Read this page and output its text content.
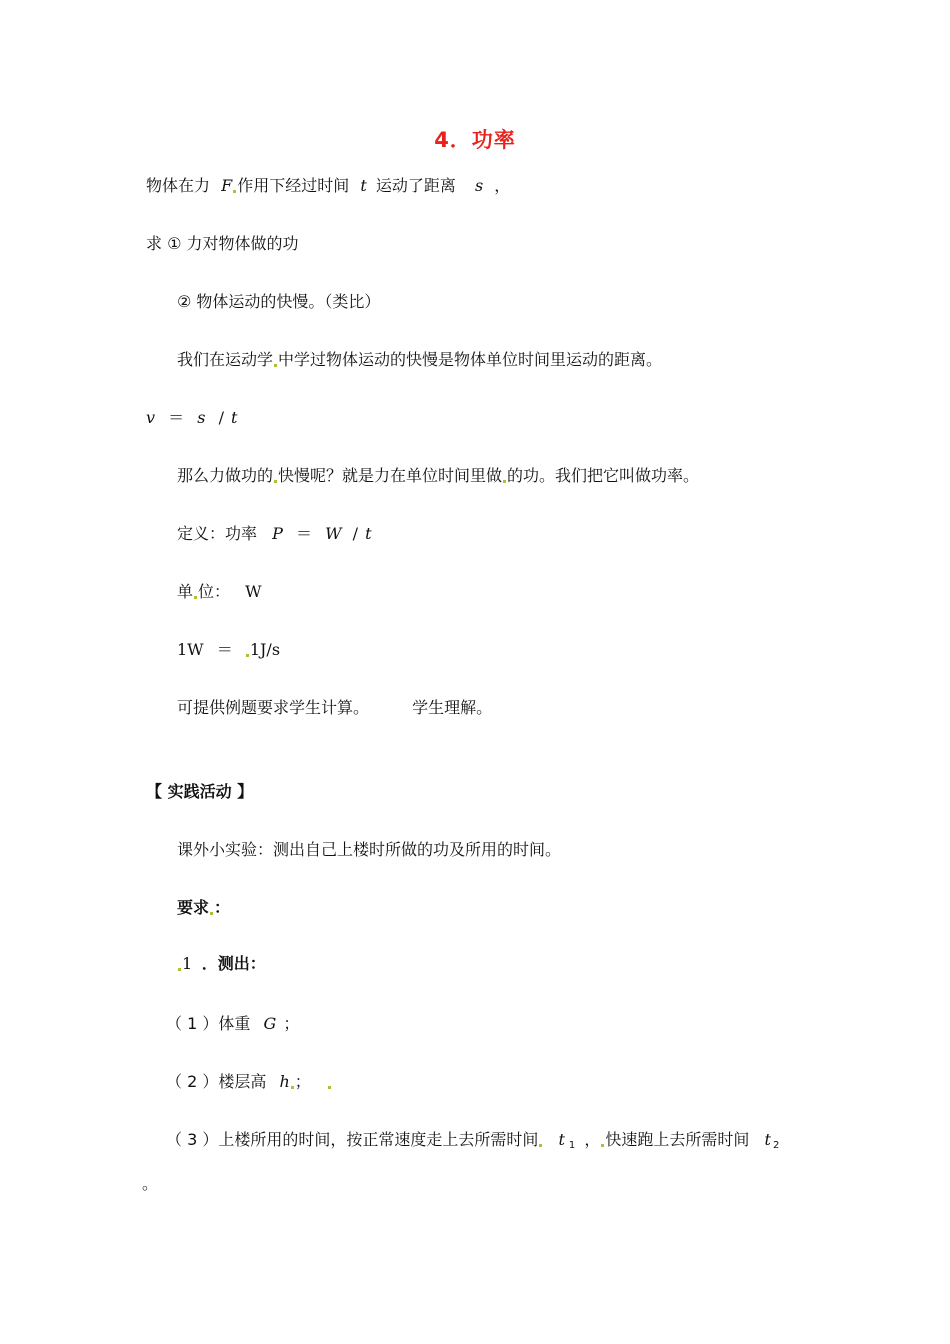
4．功率
物体在力 F 作用下经过时间 t 运动了距离 s ，
求 ① 力对物体做的功
② 物体运动的快慢。（类比）
我们在运动学 中学过物体运动的快慢是物体单位时间里运动的距离。
v ＝ s / t
那么力做功的 快慢呢？就是力在单位时间里做 的功。我们把它叫做功率。
定义：功率 P ＝ W / t
单 位： W
1W ＝ 1J/s
可提供例题要求学生计算。	学生理解。
【 实践活动 】
课外小实验：测出自己上楼时所做的功及所用的时间。
要求 ：
1 ．测出：
（ 1 ）体重 G ；
（ 2 ）楼层高 h ；
（ 3 ）上楼所用的时间，按正常速度走上去所需时间 t $_1$ ， 快速跑上去所需时间 t $_2$
。
